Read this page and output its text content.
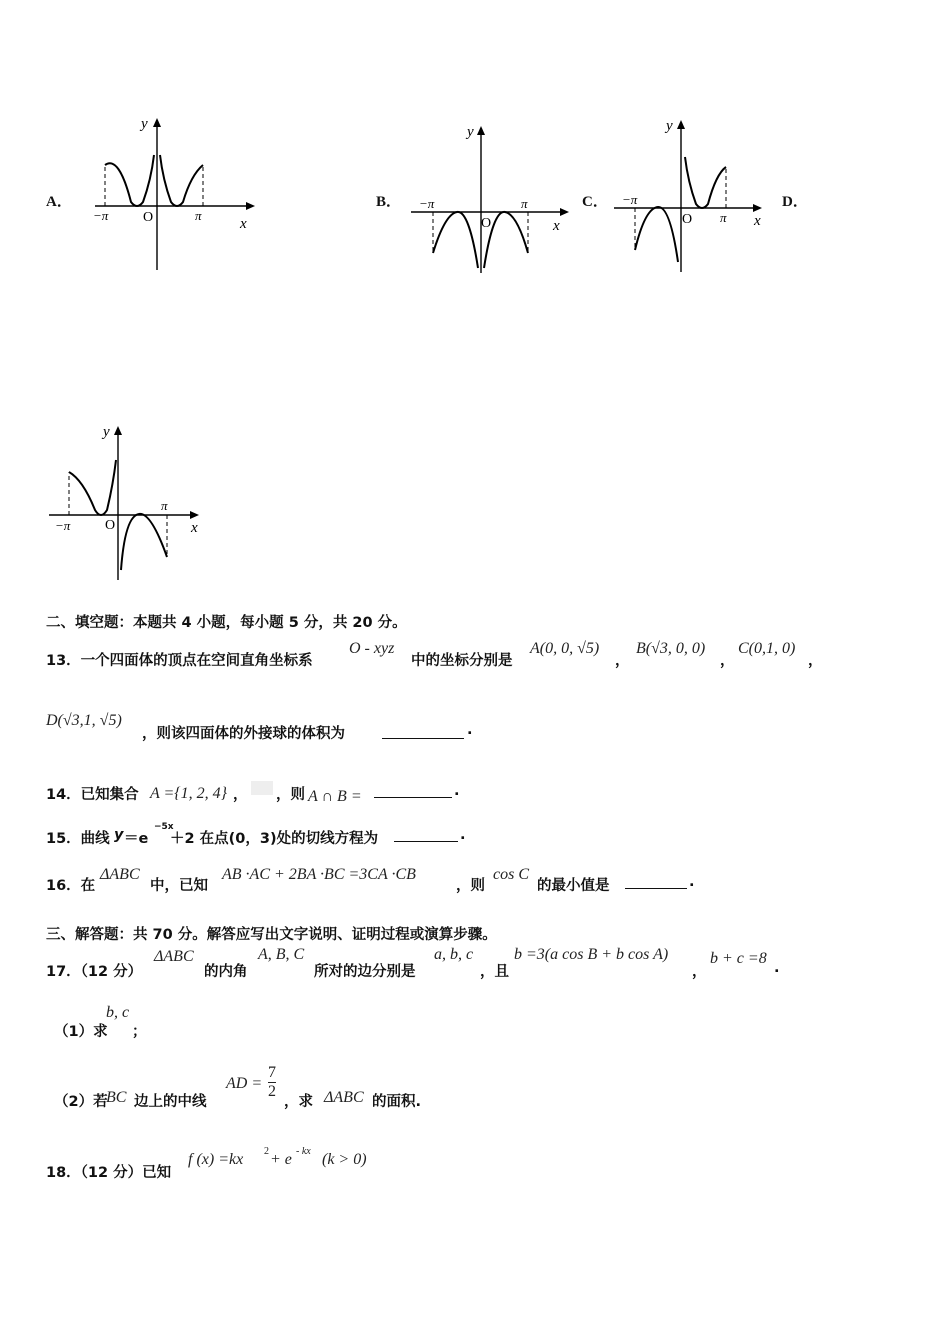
A．	B．	C．	D．
y
x
O
−π	π
y
x
O
−π	π
y
x
O
−π
π
y
x
O
−π
π
二、填空题：本题共 4 小题，每小题 5 分，共 20 分。
13．一个四面体的顶点在空间直角坐标系
O - xyz
中的坐标分别是
A(0, 0, √5)
，
B(√3, 0, 0)
，
C(0,1, 0)
，
D(√3,1, √5)
，则该四面体的外接球的体积为	.
14．已知集合 A ={1, 2, 4} ， ，则 A ∩ B =	.
15．曲线 y ＝e
−5x
＋2 在点(0，3)处的切线方程为	.
16．在
ΔABC
中，已知
AB ·AC + 2BA ·BC =3CA ·CB
，则
cos C
的最小值是	.
三、解答题：共 70 分。解答应写出文字说明、证明过程或演算步骤。
17．（12 分）
ΔABC
的内角
A, B, C
所对的边分别是
a, b, c
，且
b =3(a cos B + b cos A)
，
b + c =8
.
（1）求
b, c
；
（2）若
BC 边上的中线
AD = $\frac{7}{2}$
，求 ΔABC 的面积.
18．（12 分）已知
f (x) =kx 2 + e - kx (k > 0)
